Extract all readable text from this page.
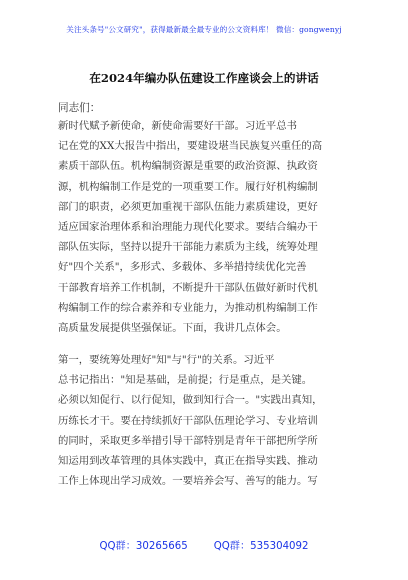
关注头条号"公文研究"，获得最新最全最专业的公文资料库！ 微信：gongwenyj
在2024年编办队伍建设工作座谈会上的讲话
同志们：
新时代赋予新使命，新使命需要好干部。习近平总书
记在党的XX大报告中指出，要建设堪当民族复兴重任的高
素质干部队伍。机构编制资源是重要的政治资源、执政资
源，机构编制工作是党的一项重要工作。履行好机构编制
部门的职责，必须更加重视干部队伍能力素质建设，更好
适应国家治理体系和治理能力现代化要求。要结合编办干
部队伍实际，坚持以提升干部能力素质为主线，统筹处理
好"四个关系"，多形式、多载体、多举措持续优化完善
干部教育培养工作机制，不断提升干部队伍做好新时代机
构编制工作的综合素养和专业能力，为推动机构编制工作
高质量发展提供坚强保证。下面，我讲几点体会。
第一，要统筹处理好"知"与"行"的关系。习近平
总书记指出："知是基础，是前提；行是重点，是关键。
必须以知促行、以行促知，做到知行合一。"实践出真知，
历练长才干。要在持续抓好干部队伍理论学习、专业培训
的同时，采取更多举措引导干部特别是青年干部把所学所
知运用到改革管理的具体实践中，真正在指导实践、推动
工作上体现出学习成效。一要培养会写、善写的能力。写
QQ群：30265665	QQ群：535304092
